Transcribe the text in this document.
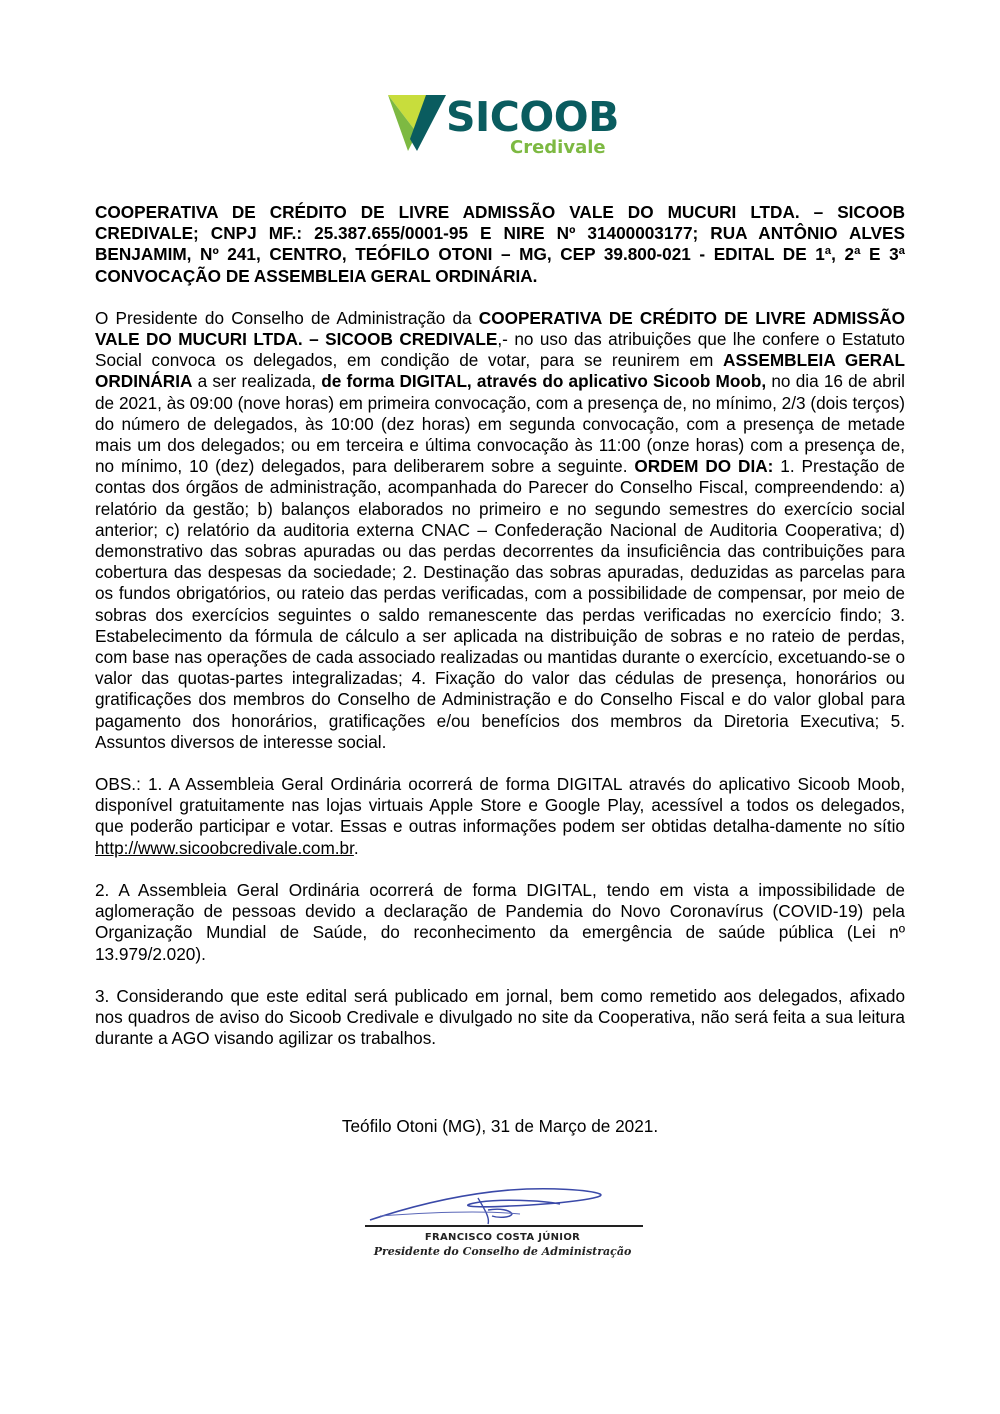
SICOOB
Credivale

COOPERATIVA DE CRÉDITO DE LIVRE ADMISSÃO VALE DO MUCURI LTDA. – SICOOB CREDIVALE; CNPJ MF.: 25.387.655/0001-95 E NIRE Nº 31400003177; RUA ANTÔNIO ALVES BENJAMIM, Nº 241, CENTRO, TEÓFILO OTONI – MG, CEP 39.800-021 - EDITAL DE 1ª, 2ª E 3ª CONVOCAÇÃO DE ASSEMBLEIA GERAL ORDINÁRIA.

O Presidente do Conselho de Administração da COOPERATIVA DE CRÉDITO DE LIVRE ADMISSÃO VALE DO MUCURI LTDA. – SICOOB CREDIVALE,- no uso das atribuições que lhe confere o Estatuto Social convoca os delegados, em condição de votar, para se reunirem em ASSEMBLEIA GERAL ORDINÁRIA a ser realizada, de forma DIGITAL, através do aplicativo Sicoob Moob, no dia 16 de abril de 2021, às 09:00 (nove horas) em primeira convocação, com a presença de, no mínimo, 2/3 (dois terços) do número de delegados, às 10:00 (dez horas) em segunda convocação, com a presença de metade mais um dos delegados; ou em terceira e última convocação às 11:00 (onze horas) com a presença de, no mínimo, 10 (dez) delegados, para deliberarem sobre a seguinte. ORDEM DO DIA: 1. Prestação de contas dos órgãos de administração, acompanhada do Parecer do Conselho Fiscal, compreendendo: a) relatório da gestão; b) balanços elaborados no primeiro e no segundo semestres do exercício social anterior; c) relatório da auditoria externa CNAC – Confederação Nacional de Auditoria Cooperativa; d) demonstrativo das sobras apuradas ou das perdas decorrentes da insuficiência das contribuições para cobertura das despesas da sociedade; 2. Destinação das sobras apuradas, deduzidas as parcelas para os fundos obrigatórios, ou rateio das perdas verificadas, com a possibilidade de compensar, por meio de sobras dos exercícios seguintes o saldo remanescente das perdas verificadas no exercício findo; 3. Estabelecimento da fórmula de cálculo a ser aplicada na distribuição de sobras e no rateio de perdas, com base nas operações de cada associado realizadas ou mantidas durante o exercício, excetuando-se o valor das quotas-partes integralizadas; 4. Fixação do valor das cédulas de presença, honorários ou gratificações dos membros do Conselho de Administração e do Conselho Fiscal e do valor global para pagamento dos honorários, gratificações e/ou benefícios dos membros da Diretoria Executiva; 5. Assuntos diversos de interesse social.

OBS.: 1. A Assembleia Geral Ordinária ocorrerá de forma DIGITAL através do aplicativo Sicoob Moob, disponível gratuitamente nas lojas virtuais Apple Store e Google Play, acessível a todos os delegados, que poderão participar e votar. Essas e outras informações podem ser obtidas detalha-damente no sítio http://www.sicoobcredivale.com.br.

2. A Assembleia Geral Ordinária ocorrerá de forma DIGITAL, tendo em vista a impossibilidade de aglomeração de pessoas devido a declaração de Pandemia do Novo Coronavírus (COVID-19) pela Organização Mundial de Saúde, do reconhecimento da emergência de saúde pública (Lei nº 13.979/2.020).

3. Considerando que este edital será publicado em jornal, bem como remetido aos delegados, afixado nos quadros de aviso do Sicoob Credivale e divulgado no site da Cooperativa, não será feita a sua leitura durante a AGO visando agilizar os trabalhos.

Teófilo Otoni (MG), 31 de Março de 2021.
FRANCISCO COSTA JÚNIOR
Presidente do Conselho de Administração
